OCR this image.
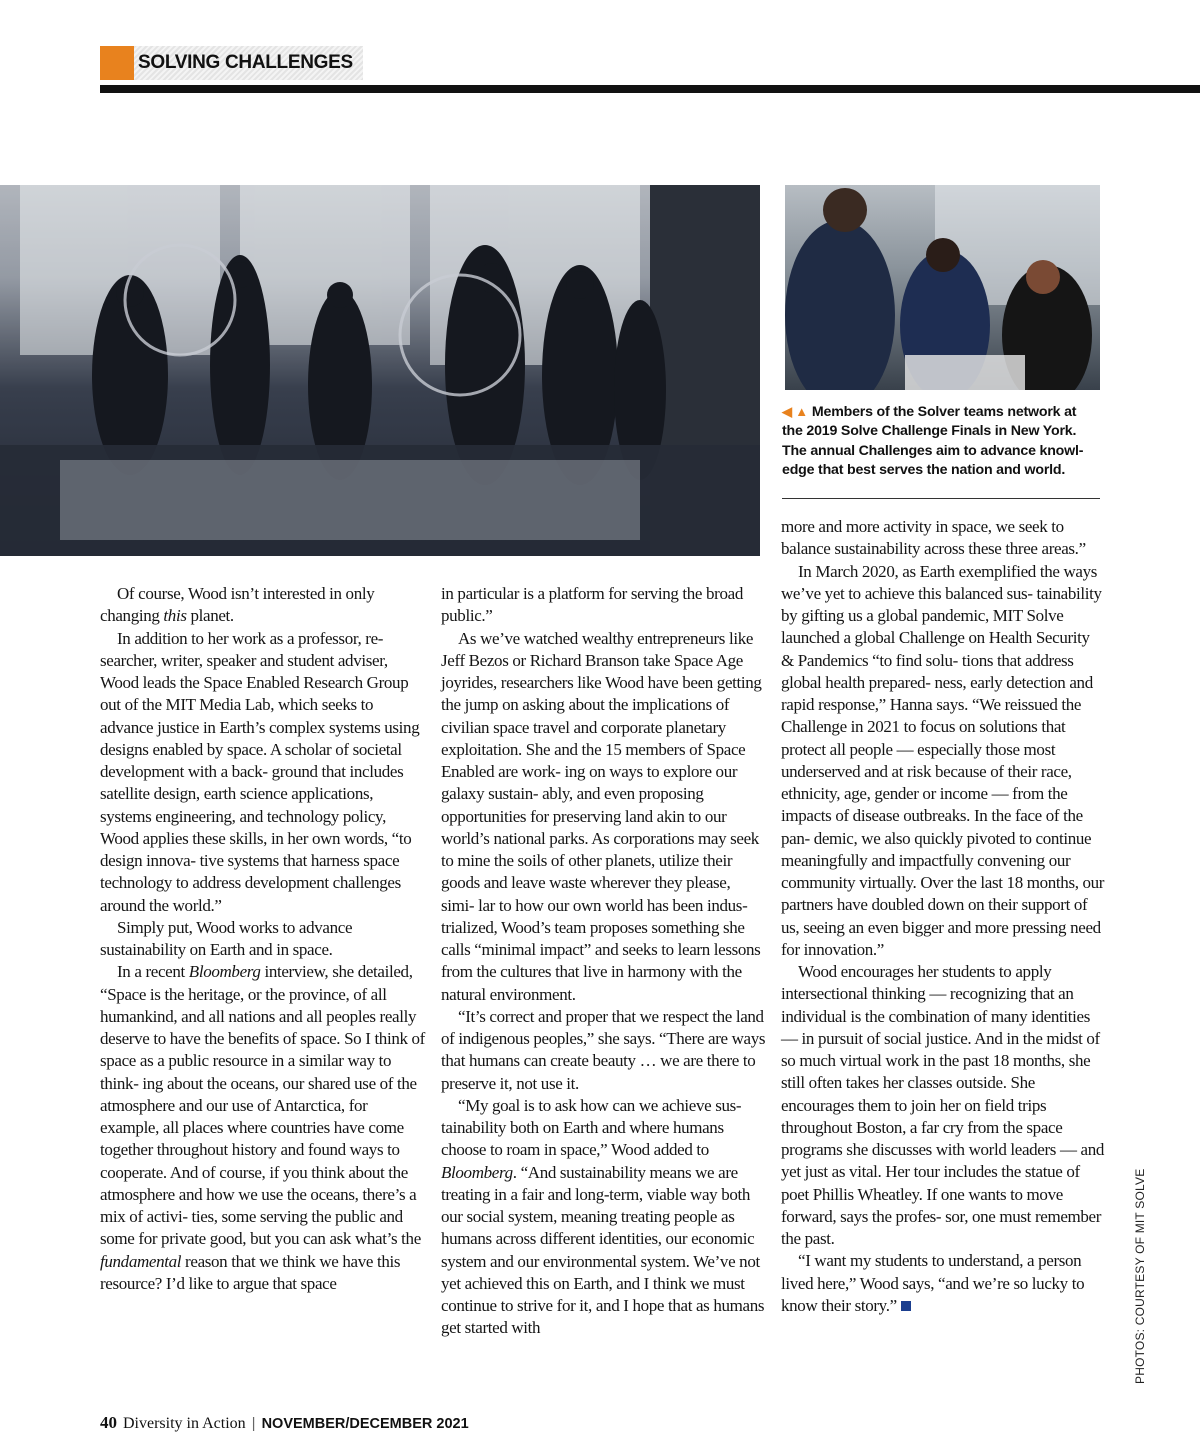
SOLVING CHALLENGES
◀ ▲ Members of the Solver teams network at
the 2019 Solve Challenge Finals in New York.
The annual Challenges aim to advance knowl-
edge that best serves the nation and world.

Of course, Wood isn’t interested in only changing this planet.

In addition to her work as a professor, re- searcher, writer, speaker and student adviser, Wood leads the Space Enabled Research Group out of the MIT Media Lab, which seeks to advance justice in Earth’s complex systems using designs enabled by space. A scholar of societal development with a back- ground that includes satellite design, earth science applications, systems engineering, and technology policy, Wood applies these skills, in her own words, “to design innova- tive systems that harness space technology to address development challenges around the world.”

Simply put, Wood works to advance sustainability on Earth and in space.

In a recent Bloomberg interview, she detailed, “Space is the heritage, or the province, of all humankind, and all nations and all peoples really deserve to have the benefits of space. So I think of space as a public resource in a similar way to think- ing about the oceans, our shared use of the atmosphere and our use of Antarctica, for example, all places where countries have come together throughout history and found ways to cooperate. And of course, if you think about the atmosphere and how we use the oceans, there’s a mix of activi- ties, some serving the public and some for private good, but you can ask what’s the fundamental reason that we think we have this resource? I’d like to argue that space

in particular is a platform for serving the broad public.”

As we’ve watched wealthy entrepreneurs like Jeff Bezos or Richard Branson take Space Age joyrides, researchers like Wood have been getting the jump on asking about the implications of civilian space travel and corporate planetary exploitation. She and the 15 members of Space Enabled are work- ing on ways to explore our galaxy sustain- ably, and even proposing opportunities for preserving land akin to our world’s national parks. As corporations may seek to mine the soils of other planets, utilize their goods and leave waste wherever they please, simi- lar to how our own world has been indus- trialized, Wood’s team proposes something she calls “minimal impact” and seeks to learn lessons from the cultures that live in harmony with the natural environment.

“It’s correct and proper that we respect the land of indigenous peoples,” she says. “There are ways that humans can create beauty … we are there to preserve it, not use it.

“My goal is to ask how can we achieve sus- tainability both on Earth and where humans choose to roam in space,” Wood added to Bloomberg. “And sustainability means we are treating in a fair and long-term, viable way both our social system, meaning treating people as humans across different identities, our economic system and our environmental system. We’ve not yet achieved this on Earth, and I think we must continue to strive for it, and I hope that as humans get started with

more and more activity in space, we seek to balance sustainability across these three areas.”

In March 2020, as Earth exemplified the ways we’ve yet to achieve this balanced sus- tainability by gifting us a global pandemic, MIT Solve launched a global Challenge on Health Security & Pandemics “to find solu- tions that address global health prepared- ness, early detection and rapid response,” Hanna says. “We reissued the Challenge in 2021 to focus on solutions that protect all people — especially those most underserved and at risk because of their race, ethnicity, age, gender or income — from the impacts of disease outbreaks. In the face of the pan- demic, we also quickly pivoted to continue meaningfully and impactfully convening our community virtually. Over the last 18 months, our partners have doubled down on their support of us, seeing an even bigger and more pressing need for innovation.”

Wood encourages her students to apply intersectional thinking — recognizing that an individual is the combination of many identities — in pursuit of social justice. And in the midst of so much virtual work in the past 18 months, she still often takes her classes outside. She encourages them to join her on field trips throughout Boston, a far cry from the space programs she discusses with world leaders — and yet just as vital. Her tour includes the statue of poet Phillis Wheatley. If one wants to move forward, says the profes- sor, one must remember the past.

“I want my students to understand, a person lived here,” Wood says, “and we’re so lucky to know their story.”	PHOTOS: COURTESY OF MIT SOLVE
40 Diversity in Action | NOVEMBER/DECEMBER 2021
